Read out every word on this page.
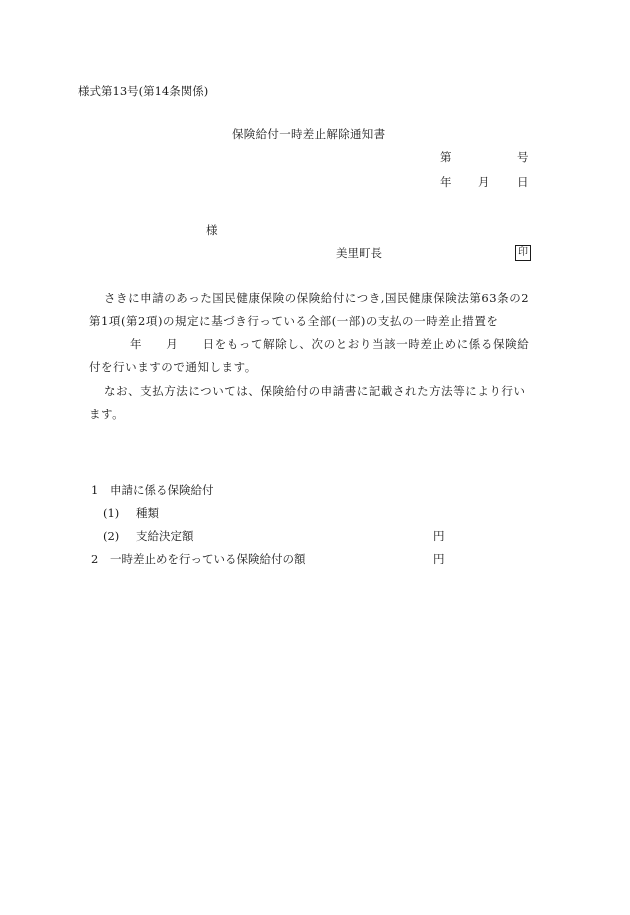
様式第13号(第14条関係)
保険給付一時差止解除通知書
第	号
年 月 日
様
美里町長	印
さきに申請のあった国民健康保険の保険給付につき,国民健康保険法第63条の2
第1項(第2項)の規定に基づき行っている全部(一部)の支払の一時差止措置を
年　　月　　日をもって解除し、次のとおり当該一時差止めに係る保険給
付を行いますので通知します。
なお、支払方法については、保険給付の申請書に記載された方法等により行い
ます。
1 申請に係る保険給付
(1) 種類
(2) 支給決定額	円
2 一時差止めを行っている保険給付の額	円
